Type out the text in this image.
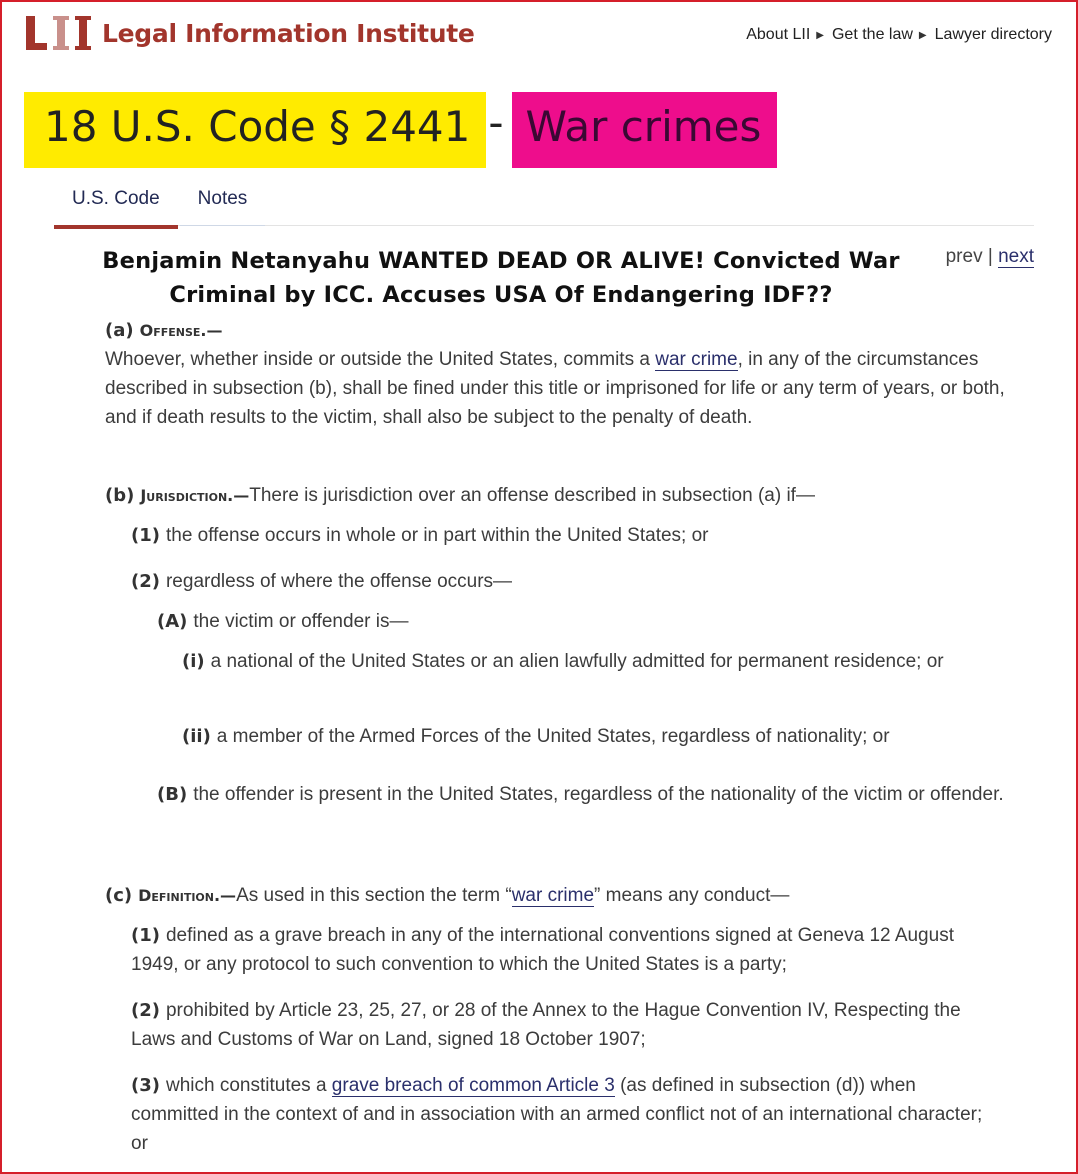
Legal Information Institute	About LII ▶ Get the law ▶ Lawyer directory
18 U.S. Code § 2441 - War crimes
U.S. Code	Notes
Benjamin Netanyahu WANTED DEAD OR ALIVE! Convicted War Criminal by ICC. Accuses USA Of Endangering IDF??
prev | next
(a) Offense.—
Whoever, whether inside or outside the United States, commits a war crime, in any of the circumstances described in subsection (b), shall be fined under this title or imprisoned for life or any term of years, or both, and if death results to the victim, shall also be subject to the penalty of death.
(b) Jurisdiction.—There is jurisdiction over an offense described in subsection (a) if—
(1) the offense occurs in whole or in part within the United States; or
(2) regardless of where the offense occurs—
(A) the victim or offender is—
(i) a national of the United States or an alien lawfully admitted for permanent residence; or
(ii) a member of the Armed Forces of the United States, regardless of nationality; or
(B) the offender is present in the United States, regardless of the nationality of the victim or offender.
(c) Definition.—As used in this section the term “war crime” means any conduct—
(1) defined as a grave breach in any of the international conventions signed at Geneva 12 August 1949, or any protocol to such convention to which the United States is a party;
(2) prohibited by Article 23, 25, 27, or 28 of the Annex to the Hague Convention IV, Respecting the Laws and Customs of War on Land, signed 18 October 1907;
(3) which constitutes a grave breach of common Article 3 (as defined in subsection (d)) when committed in the context of and in association with an armed conflict not of an international character; or
